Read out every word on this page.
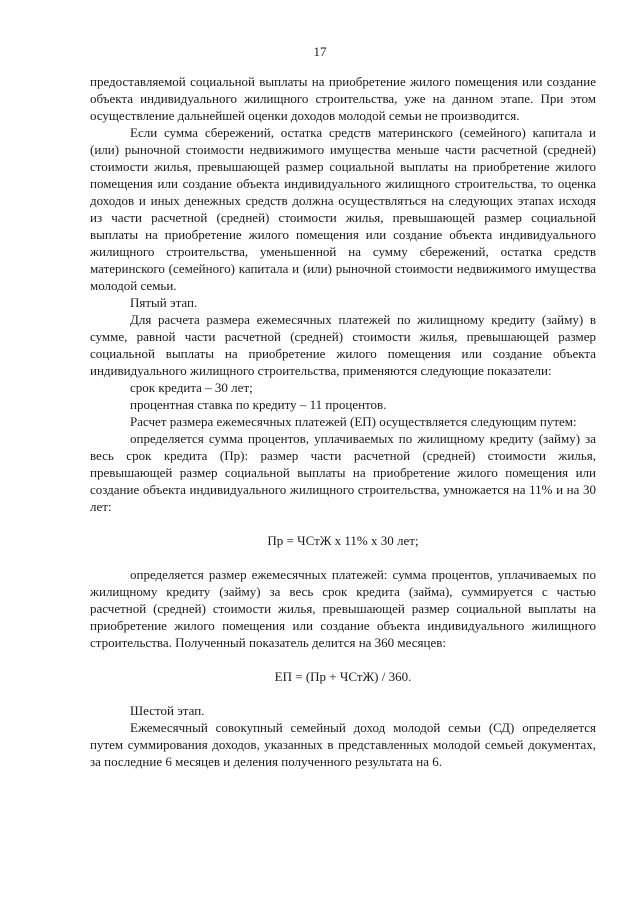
17

предоставляемой социальной выплаты на приобретение жилого помещения или создание объекта индивидуального жилищного строительства, уже на данном этапе. При этом осуществление дальнейшей оценки доходов молодой семьи не производится.

Если сумма сбережений, остатка средств материнского (семейного) капитала и (или) рыночной стоимости недвижимого имущества меньше части расчетной (средней) стоимости жилья, превышающей размер социальной выплаты на приобретение жилого помещения или создание объекта индивидуального жилищного строительства, то оценка доходов и иных денежных средств должна осуществляться на следующих этапах исходя из части расчетной (средней) стоимости жилья, превышающей размер социальной выплаты на приобретение жилого помещения или создание объекта индивидуального жилищного строительства, уменьшенной на сумму сбережений, остатка средств материнского (семейного) капитала и (или) рыночной стоимости недвижимого имущества молодой семьи.

Пятый этап.

Для расчета размера ежемесячных платежей по жилищному кредиту (займу) в сумме, равной части расчетной (средней) стоимости жилья, превышающей размер социальной выплаты на приобретение жилого помещения или создание объекта индивидуального жилищного строительства, применяются следующие показатели:

срок кредита – 30 лет;

процентная ставка по кредиту – 11 процентов.

Расчет размера ежемесячных платежей (ЕП) осуществляется следующим путем:

определяется сумма процентов, уплачиваемых по жилищному кредиту (займу) за весь срок кредита (Пр): размер части расчетной (средней) стоимости жилья, превышающей размер социальной выплаты на приобретение жилого помещения или создание объекта индивидуального жилищного строительства, умножается на 11% и на 30 лет:

Пр = ЧСтЖ х 11% х 30 лет;

определяется размер ежемесячных платежей: сумма процентов, уплачиваемых по жилищному кредиту (займу) за весь срок кредита (займа), суммируется с частью расчетной (средней) стоимости жилья, превышающей размер социальной выплаты на приобретение жилого помещения или создание объекта индивидуального жилищного строительства. Полученный показатель делится на 360 месяцев:

ЕП = (Пр + ЧСтЖ) / 360.

Шестой этап.

Ежемесячный совокупный семейный доход молодой семьи (СД) определяется путем суммирования доходов, указанных в представленных молодой семьей документах, за последние 6 месяцев и деления полученного результата на 6.
